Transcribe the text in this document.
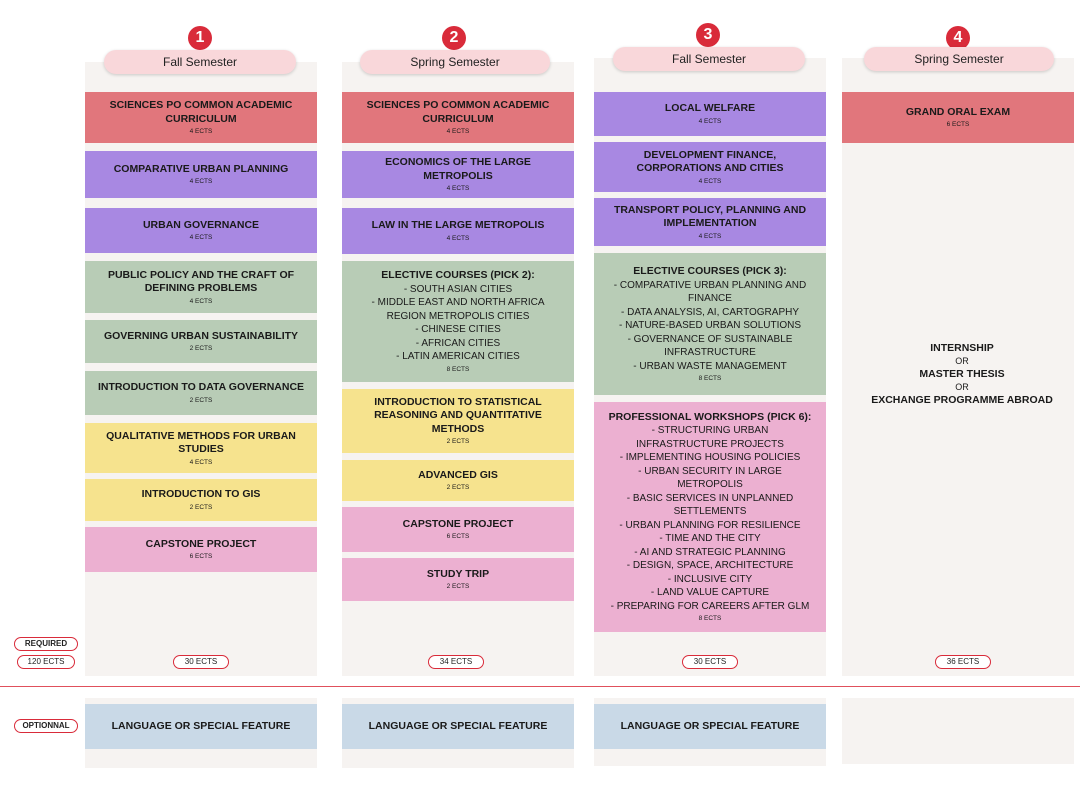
1	2	3	4
Fall Semester	Spring Semester	Fall Semester	Spring Semester
SCIENCES PO COMMON ACADEMIC
CURRICULUM
4 ECTS
COMPARATIVE URBAN PLANNING
4 ECTS
URBAN GOVERNANCE
4 ECTS
PUBLIC POLICY AND THE CRAFT OF
DEFINING PROBLEMS
4 ECTS
GOVERNING URBAN SUSTAINABILITY
2 ECTS
INTRODUCTION TO DATA GOVERNANCE
2 ECTS
QUALITATIVE METHODS FOR URBAN
STUDIES
4 ECTS
INTRODUCTION TO GIS
2 ECTS
CAPSTONE PROJECT
6 ECTS
SCIENCES PO COMMON ACADEMIC
CURRICULUM
4 ECTS
ECONOMICS OF THE LARGE METROPOLIS
4 ECTS
LAW IN THE LARGE METROPOLIS
4 ECTS
ELECTIVE COURSES (PICK 2):
- SOUTH ASIAN CITIES
- MIDDLE EAST AND NORTH AFRICA
REGION METROPOLIS CITIES
- CHINESE CITIES
- AFRICAN CITIES
- LATIN AMERICAN CITIES
8 ECTS
INTRODUCTION TO STATISTICAL
REASONING AND QUANTITATIVE
METHODS
2 ECTS
ADVANCED GIS
2 ECTS
CAPSTONE PROJECT
6 ECTS
STUDY TRIP
2 ECTS
LOCAL WELFARE
4 ECTS
DEVELOPMENT FINANCE,
CORPORATIONS AND CITIES
4 ECTS
TRANSPORT POLICY, PLANNING AND
IMPLEMENTATION
4 ECTS
ELECTIVE COURSES (PICK 3):
- COMPARATIVE URBAN PLANNING AND
FINANCE
- DATA ANALYSIS, AI, CARTOGRAPHY
- NATURE-BASED URBAN SOLUTIONS
- GOVERNANCE OF SUSTAINABLE
INFRASTRUCTURE
- URBAN WASTE MANAGEMENT
8 ECTS
PROFESSIONAL WORKSHOPS (PICK 6):
- STRUCTURING URBAN
INFRASTRUCTURE PROJECTS
- IMPLEMENTING HOUSING POLICIES
- URBAN SECURITY IN LARGE
METROPOLIS
- BASIC SERVICES IN UNPLANNED
SETTLEMENTS
- URBAN PLANNING FOR RESILIENCE
- TIME AND THE CITY
- AI AND STRATEGIC PLANNING
- DESIGN, SPACE, ARCHITECTURE
- INCLUSIVE CITY
- LAND VALUE CAPTURE
- PREPARING FOR CAREERS AFTER GLM
8 ECTS
GRAND ORAL EXAM
6 ECTS
INTERNSHIP
OR
MASTER THESIS
OR
EXCHANGE PROGRAMME ABROAD
30 ECTS	34 ECTS	30 ECTS	36 ECTS
REQUIRED
120 ECTS
OPTIONNAL	LANGUAGE OR SPECIAL FEATURE	LANGUAGE OR SPECIAL FEATURE	LANGUAGE OR SPECIAL FEATURE
